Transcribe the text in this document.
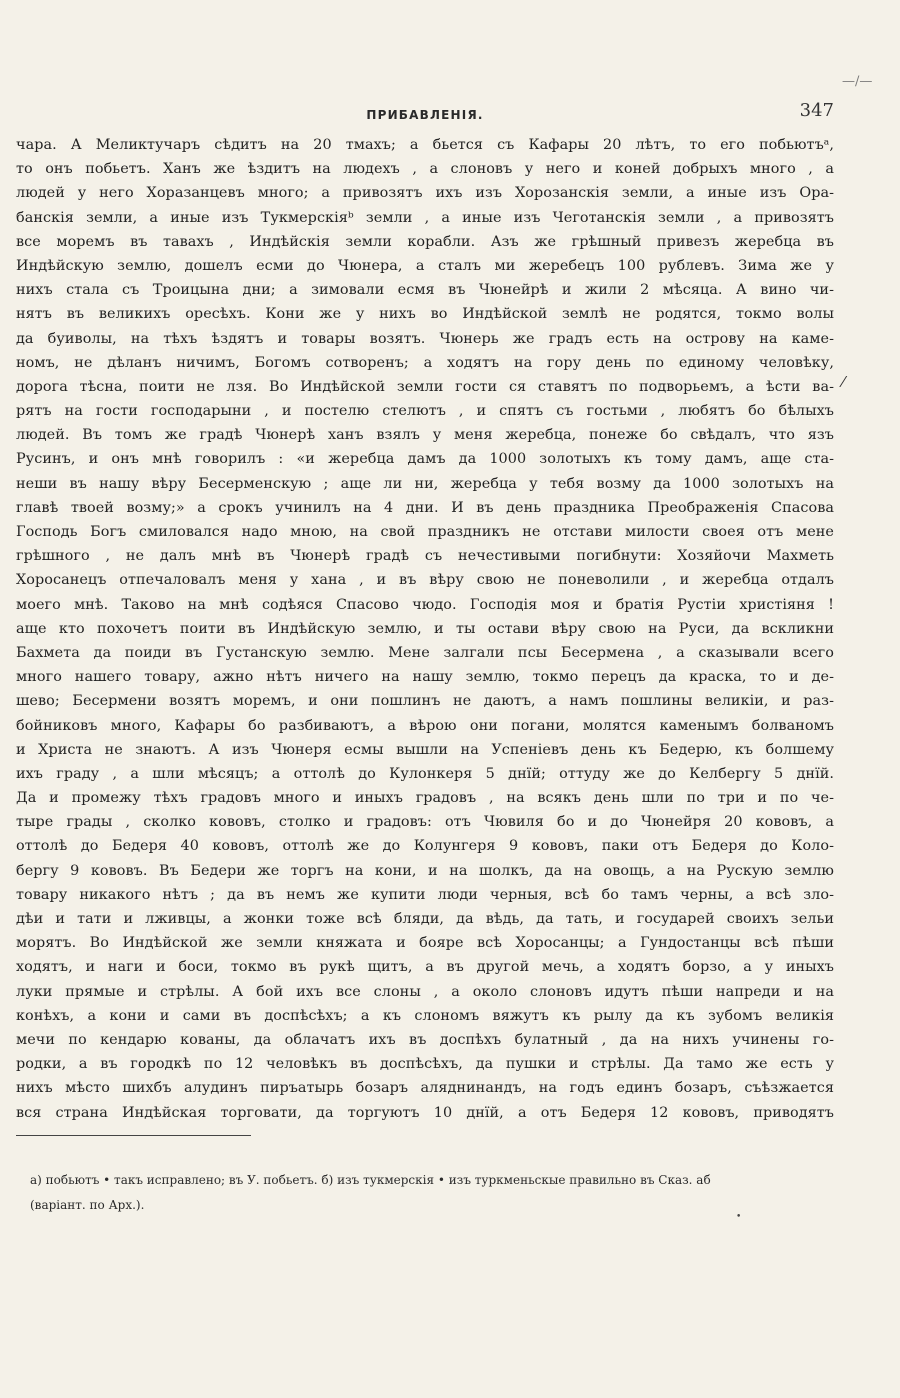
—/—
ПРИБАВЛЕНІЯ.	347
⁄
чара. А Меликтучаръ сѣдитъ на 20 тмахъ; а бьется съ Кафары 20 лѣтъ, то его побьютъᵃ,
то онъ побьетъ. Ханъ же ѣздитъ на людехъ , а слоновъ у него и коней добрыхъ много , а
людей у него Хоразанцевъ много; а привозятъ ихъ изъ Хорозанскія земли, а иные изъ Ора-
банскія земли, а иные изъ Тукмерскіяᵇ земли , а иные изъ Чеготанскія земли , а привозятъ
все моремъ въ тавахъ , Индѣйскія земли корабли. Азъ же грѣшный привезъ жеребца въ
Индѣйскую землю, дошелъ есми до Чюнера, а сталъ ми жеребецъ 100 рублевъ. Зима же у
нихъ стала съ Троицына дни; а зимовали есмя въ Чюнейрѣ и жили 2 мѣсяца. А вино чи-
нятъ въ великихъ оресѣхъ. Кони же у нихъ во Индѣйской землѣ не родятся, токмо волы
да буиволы, на тѣхъ ѣздятъ и товары возятъ. Чюнерь же градъ есть на острову на каме-
номъ, не дѣланъ ничимъ, Богомъ сотворенъ; а ходятъ на гору день по единому человѣку,
дорога тѣсна, поити не лзя. Во Индѣйской земли гости ся ставятъ по подворьемъ, а ѣсти ва-
рятъ на гости господарыни , и постелю стелютъ , и спятъ съ гостьми , любятъ бо бѣлыхъ
людей. Въ томъ же градѣ Чюнерѣ ханъ взялъ у меня жеребца, понеже бо свѣдалъ, что язъ
Русинъ, и онъ мнѣ говорилъ : «и жеребца дамъ да 1000 золотыхъ къ тому дамъ, аще ста-
неши въ нашу вѣру Бесерменскую ; аще ли ни, жеребца у тебя возму да 1000 золотыхъ на
главѣ твоей возму;» а срокъ учинилъ на 4 дни. И въ день праздника Преображенія Спасова
Господь Богъ смиловался надо мною, на свой праздникъ не отстави милости своея отъ мене
грѣшного , не далъ мнѣ въ Чюнерѣ градѣ съ нечестивыми погибнути: Хозяйочи Махметь
Хоросанецъ отпечаловалъ меня у хана , и въ вѣру свою не поневолили , и жеребца отдалъ
моего мнѣ. Таково на мнѣ содѣяся Спасово чюдо. Господія моя и братія Рустіи христіяня !
аще кто похочетъ поити въ Индѣйскую землю, и ты остави вѣру свою на Руси, да вскликни
Бахмета да поиди въ Густанскую землю. Мене залгали псы Бесермена , а сказывали всего
много нашего товару, ажно нѣтъ ничего на нашу землю, токмо перецъ да краска, то и де-
шево; Бесермени возятъ моремъ, и они пошлинъ не даютъ, а намъ пошлины великіи, и раз-
бойниковъ много, Кафары бо разбиваютъ, а вѣрою они погани, молятся каменымъ болваномъ
и Христа не знаютъ. А изъ Чюнеря есмы вышли на Успеніевъ день къ Бедерю, къ болшему
ихъ граду , а шли мѣсяцъ; а оттолѣ до Кулонкеря 5 днїй; оттуду же до Келбергу 5 днїй.
Да и промежу тѣхъ градовъ много и иныхъ градовъ , на всякъ день шли по три и по че-
тыре грады , сколко кововъ, столко и градовъ: отъ Чювиля бо и до Чюнейря 20 кововъ, а
оттолѣ до Бедеря 40 кововъ, оттолѣ же до Колунгеря 9 кововъ, паки отъ Бедеря до Коло-
бергу 9 кововъ. Въ Бедери же торгъ на кони, и на шолкъ, да на овощь, а на Рускую землю
товару никакого нѣтъ ; да въ немъ же купити люди черныя, всѣ бо тамъ черны, а всѣ зло-
дѣи и тати и лживцы, а жонки тоже всѣ бляди, да вѣдь, да тать, и государей своихъ зельи
морятъ. Во Индѣйской же земли княжата и бояре всѣ Хоросанцы; а Гундостанцы всѣ пѣши
ходятъ, и наги и боси, токмо въ рукѣ щитъ, а въ другой мечь, а ходятъ борзо, а у иныхъ
луки прямые и стрѣлы. А бой ихъ все слоны , а около слоновъ идутъ пѣши напреди и на
конѣхъ, а кони и сами въ доспѣсѣхъ; а къ слономъ вяжутъ къ рылу да къ зубомъ великія
мечи по кендарю кованы, да облачатъ ихъ въ доспѣхъ булатный , да на нихъ учинены го-
родки, а въ городкѣ по 12 человѣкъ въ доспѣсѣхъ, да пушки и стрѣлы. Да тамо же есть у
нихъ мѣсто шихбъ алудинъ пиръатырь бозаръ аляднинандъ, на годъ единъ бозаръ, съѣзжается
вся страна Индѣйская торговати, да торгуютъ 10 днїй, а отъ Бедеря 12 кововъ, приводятъ
а) побьютъ • такъ исправлено; въ У. побьетъ. б) изъ тукмерскія • изъ туркменьскые правильно въ Сказ. аб
(варіант. по Арх.).
•
